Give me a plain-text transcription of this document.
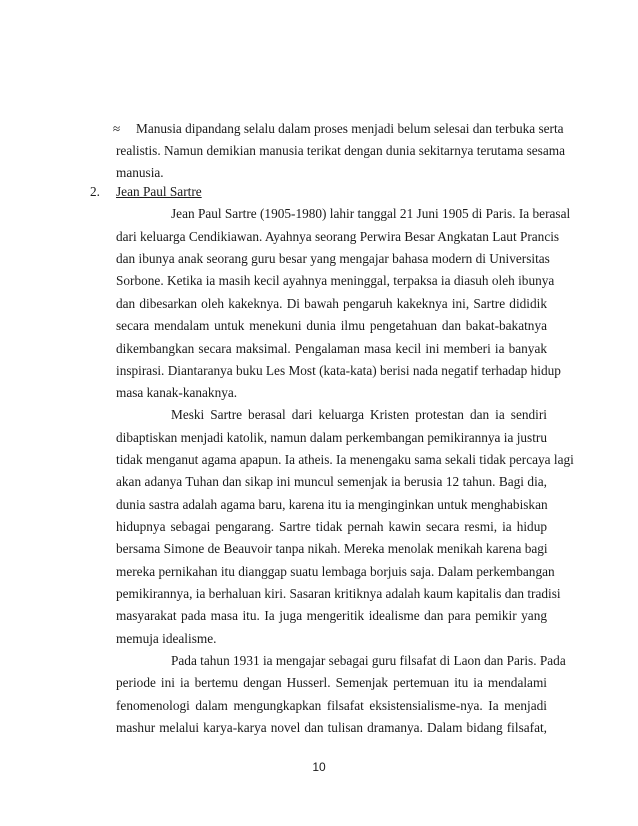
≈ Manusia dipandang selalu dalam proses menjadi belum selesai dan terbuka serta
realistis. Namun demikian manusia terikat dengan dunia sekitarnya terutama sesama
manusia.
2. Jean Paul Sartre
Jean Paul Sartre (1905-1980) lahir tanggal 21 Juni 1905 di Paris. Ia berasal
dari keluarga Cendikiawan. Ayahnya seorang Perwira Besar Angkatan Laut Prancis
dan ibunya anak seorang guru besar yang mengajar bahasa modern di Universitas
Sorbone. Ketika ia masih kecil ayahnya meninggal, terpaksa ia diasuh oleh ibunya
dan dibesarkan oleh kakeknya. Di bawah pengaruh kakeknya ini, Sartre dididik
secara mendalam untuk menekuni dunia ilmu pengetahuan dan bakat-bakatnya
dikembangkan secara maksimal. Pengalaman masa kecil ini memberi ia banyak
inspirasi. Diantaranya buku Les Most (kata-kata) berisi nada negatif terhadap hidup
masa kanak-kanaknya.
Meski Sartre berasal dari keluarga Kristen protestan dan ia sendiri
dibaptiskan menjadi katolik, namun dalam perkembangan pemikirannya ia justru
tidak menganut agama apapun. Ia atheis. Ia menengaku sama sekali tidak percaya lagi
akan adanya Tuhan dan sikap ini muncul semenjak ia berusia 12 tahun. Bagi dia,
dunia sastra adalah agama baru, karena itu ia menginginkan untuk menghabiskan
hidupnya sebagai pengarang. Sartre tidak pernah kawin secara resmi, ia hidup
bersama Simone de Beauvoir tanpa nikah. Mereka menolak menikah karena bagi
mereka pernikahan itu dianggap suatu lembaga borjuis saja. Dalam perkembangan
pemikirannya, ia berhaluan kiri. Sasaran kritiknya adalah kaum kapitalis dan tradisi
masyarakat pada masa itu. Ia juga mengeritik idealisme dan para pemikir yang
memuja idealisme.
Pada tahun 1931 ia mengajar sebagai guru filsafat di Laon dan Paris. Pada
periode ini ia bertemu dengan Husserl. Semenjak pertemuan itu ia mendalami
fenomenologi dalam mengungkapkan filsafat eksistensialisme-nya. Ia menjadi
mashur melalui karya-karya novel dan tulisan dramanya. Dalam bidang filsafat,
10
